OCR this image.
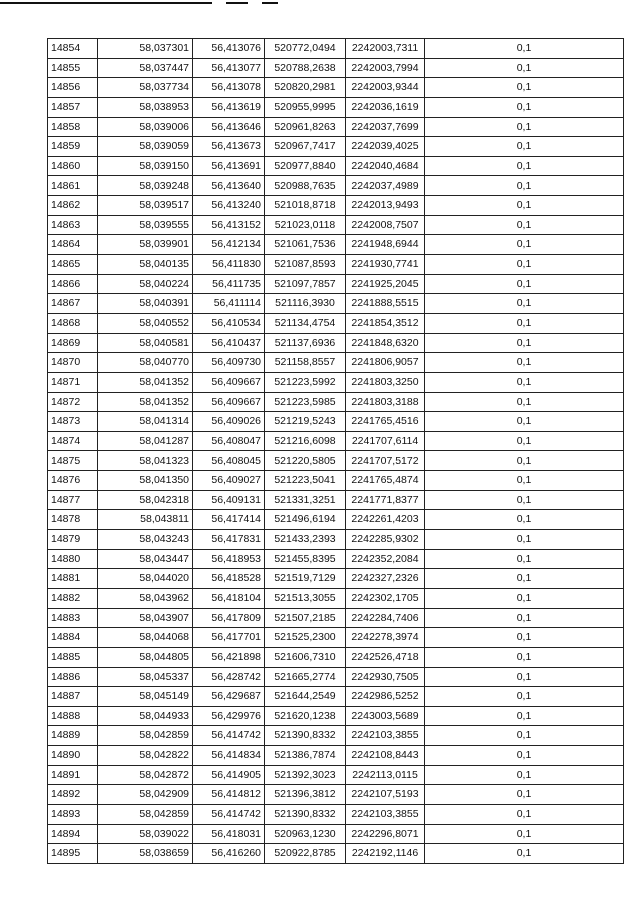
14854	58,037301	56,413076	520772,0494	2242003,7311	0,1
14855	58,037447	56,413077	520788,2638	2242003,7994	0,1
14856	58,037734	56,413078	520820,2981	2242003,9344	0,1
14857	58,038953	56,413619	520955,9995	2242036,1619	0,1
14858	58,039006	56,413646	520961,8263	2242037,7699	0,1
14859	58,039059	56,413673	520967,7417	2242039,4025	0,1
14860	58,039150	56,413691	520977,8840	2242040,4684	0,1
14861	58,039248	56,413640	520988,7635	2242037,4989	0,1
14862	58,039517	56,413240	521018,8718	2242013,9493	0,1
14863	58,039555	56,413152	521023,0118	2242008,7507	0,1
14864	58,039901	56,412134	521061,7536	2241948,6944	0,1
14865	58,040135	56,411830	521087,8593	2241930,7741	0,1
14866	58,040224	56,411735	521097,7857	2241925,2045	0,1
14867	58,040391	56,411114	521116,3930	2241888,5515	0,1
14868	58,040552	56,410534	521134,4754	2241854,3512	0,1
14869	58,040581	56,410437	521137,6936	2241848,6320	0,1
14870	58,040770	56,409730	521158,8557	2241806,9057	0,1
14871	58,041352	56,409667	521223,5992	2241803,3250	0,1
14872	58,041352	56,409667	521223,5985	2241803,3188	0,1
14873	58,041314	56,409026	521219,5243	2241765,4516	0,1
14874	58,041287	56,408047	521216,6098	2241707,6114	0,1
14875	58,041323	56,408045	521220,5805	2241707,5172	0,1
14876	58,041350	56,409027	521223,5041	2241765,4874	0,1
14877	58,042318	56,409131	521331,3251	2241771,8377	0,1
14878	58,043811	56,417414	521496,6194	2242261,4203	0,1
14879	58,043243	56,417831	521433,2393	2242285,9302	0,1
14880	58,043447	56,418953	521455,8395	2242352,2084	0,1
14881	58,044020	56,418528	521519,7129	2242327,2326	0,1
14882	58,043962	56,418104	521513,3055	2242302,1705	0,1
14883	58,043907	56,417809	521507,2185	2242284,7406	0,1
14884	58,044068	56,417701	521525,2300	2242278,3974	0,1
14885	58,044805	56,421898	521606,7310	2242526,4718	0,1
14886	58,045337	56,428742	521665,2774	2242930,7505	0,1
14887	58,045149	56,429687	521644,2549	2242986,5252	0,1
14888	58,044933	56,429976	521620,1238	2243003,5689	0,1
14889	58,042859	56,414742	521390,8332	2242103,3855	0,1
14890	58,042822	56,414834	521386,7874	2242108,8443	0,1
14891	58,042872	56,414905	521392,3023	2242113,0115	0,1
14892	58,042909	56,414812	521396,3812	2242107,5193	0,1
14893	58,042859	56,414742	521390,8332	2242103,3855	0,1
14894	58,039022	56,418031	520963,1230	2242296,8071	0,1
14895	58,038659	56,416260	520922,8785	2242192,1146	0,1
